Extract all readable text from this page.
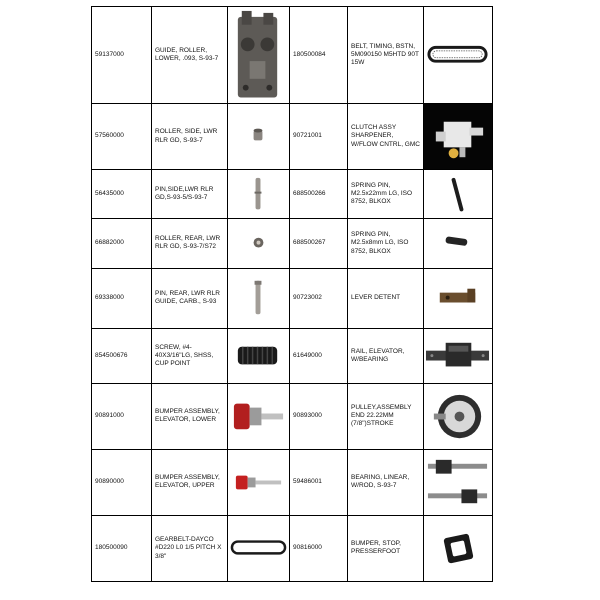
59137000	GUIDE, ROLLER, LOWER, .093, S-93-7		180500084	BELT, TIMING, BSTN, 5M090150 M5HTD 90T 15W	

57560000	ROLLER, SIDE, LWR RLR GD, S-93-7		90721001	CLUTCH ASSY SHARPENER, W/FLOW CNTRL, GMC	

56435000	PIN,SIDE,LWR RLR GD,S-93-5/S-93-7		688500266	SPRING PIN, M2.5x22mm LG, ISO 8752, BLKOX	

66882000	ROLLER, REAR, LWR RLR GD, S-93-7/S72		688500267	SPRING PIN, M2.5x8mm LG, ISO 8752, BLKOX	

69338000	PIN, REAR, LWR RLR GUIDE, CARB., S-93		90723002	LEVER DETENT	

854500676	SCREW, #4-40X3/16"LG, SHSS, CUP POINT		61649000	RAIL, ELEVATOR, W/BEARING	

90891000	BUMPER ASSEMBLY, ELEVATOR, LOWER		90893000	PULLEY,ASSEMBLY END 22.22MM (7/8")STROKE	

90890000	BUMPER ASSEMBLY, ELEVATOR, UPPER		59486001	BEARING, LINEAR, W/ROD, S-93-7	

180500090	GEARBELT-DAYCO #D220 L0 1/5 PITCH X 3/8"		90816000	BUMPER, STOP, PRESSERFOOT	
